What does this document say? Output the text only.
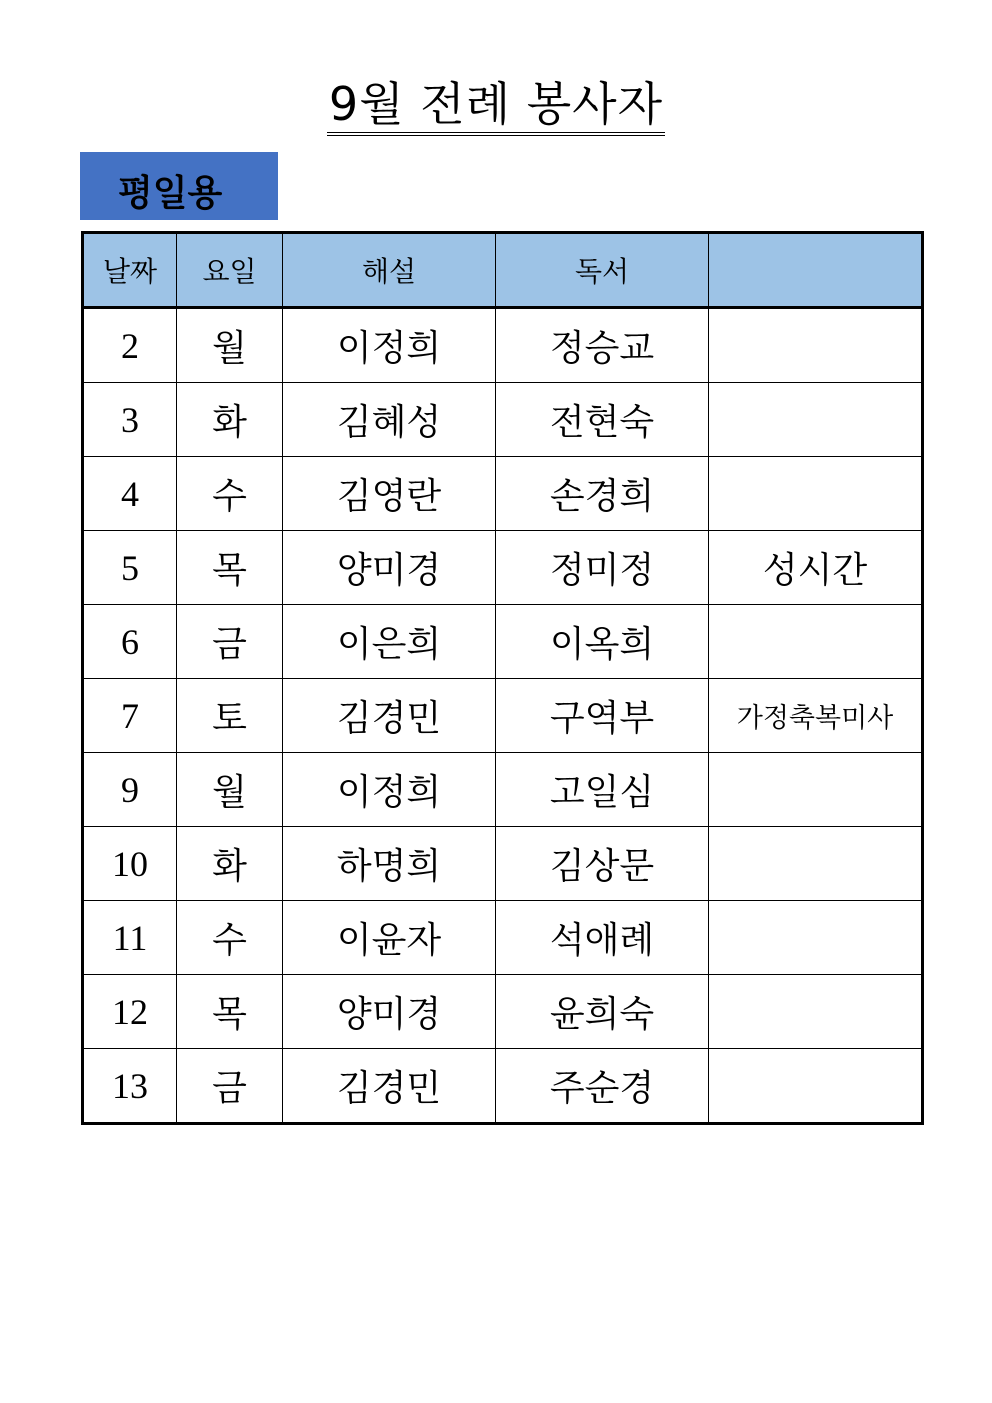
9월 전례 봉사자
평일용
날짜	요일	해설	독서	
2	월	이정희	정승교	
3	화	김혜성	전현숙	
4	수	김영란	손경희	
5	목	양미경	정미정	성시간
6	금	이은희	이옥희	
7	토	김경민	구역부	가정축복미사
9	월	이정희	고일심	
10	화	하명희	김상문	
11	수	이윤자	석애례	
12	목	양미경	윤희숙	
13	금	김경민	주순경	
